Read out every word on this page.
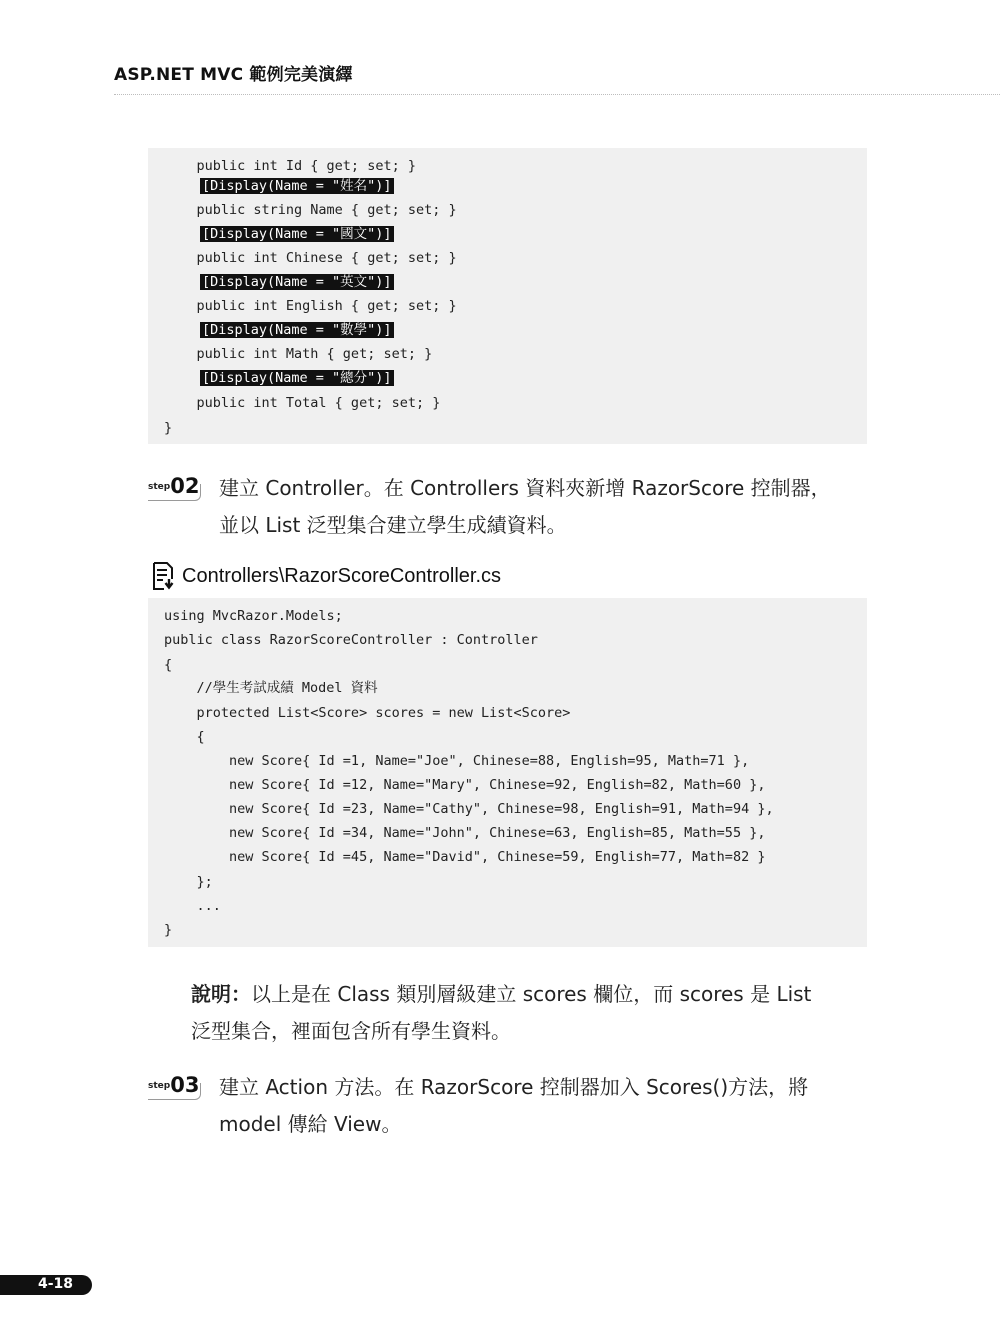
ASP.NET MVC 範例完美演繹
public int Id { get; set; }
[Display(Name = "姓名")]
public string Name { get; set; }
[Display(Name = "國文")]
public int Chinese { get; set; }
[Display(Name = "英文")]
public int English { get; set; }
[Display(Name = "數學")]
public int Math { get; set; }
[Display(Name = "總分")]
public int Total { get; set; }
}
step 02 建立 Controller。在 Controllers 資料夾新增 RazorScore 控制器，
並以 List 泛型集合建立學生成績資料。
Controllers\RazorScoreController.cs
using MvcRazor.Models;
public class RazorScoreController : Controller
{
//學生考試成績 Model 資料
protected List<Score> scores = new List<Score>
{
new Score{ Id =1, Name="Joe", Chinese=88, English=95, Math=71 },
new Score{ Id =12, Name="Mary", Chinese=92, English=82, Math=60 },
new Score{ Id =23, Name="Cathy", Chinese=98, English=91, Math=94 },
new Score{ Id =34, Name="John", Chinese=63, English=85, Math=55 },
new Score{ Id =45, Name="David", Chinese=59, English=77, Math=82 }
};
...
}
說明：以上是在 Class 類別層級建立 scores 欄位，而 scores 是 List
泛型集合，裡面包含所有學生資料。
step 03 建立 Action 方法。在 RazorScore 控制器加入 Scores()方法，將
model 傳給 View。
4-18
